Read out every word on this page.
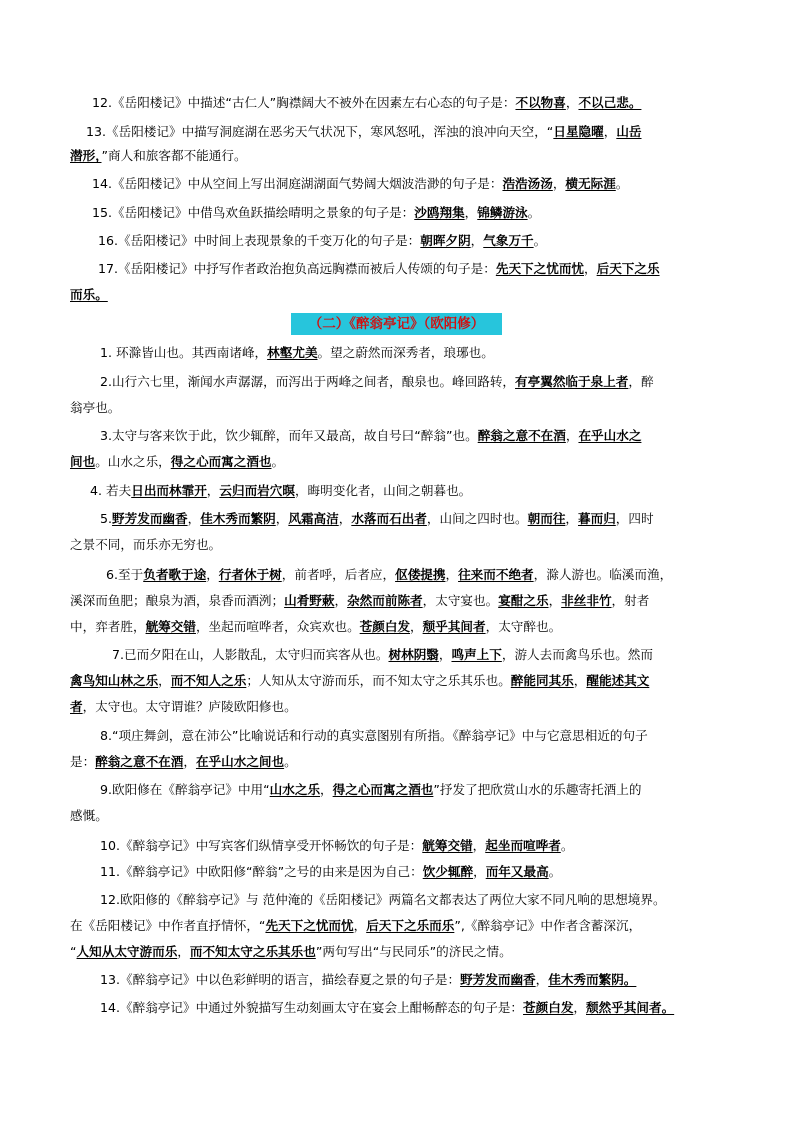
12.《岳阳楼记》中描述“古仁人”胸襟阔大不被外在因素左右心态的句子是：不以物喜，不以己悲。
13.《岳阳楼记》中描写洞庭湖在恶劣天气状况下，寒风怒吼，浑浊的浪冲向天空，“日星隐曜，山岳
潜形，”商人和旅客都不能通行。
14.《岳阳楼记》中从空间上写出洞庭湖湖面气势阔大烟波浩渺的句子是：浩浩汤汤，横无际涯。
15.《岳阳楼记》中借鸟欢鱼跃描绘晴明之景象的句子是：沙鸥翔集，锦鳞游泳。
16.《岳阳楼记》中时间上表现景象的千变万化的句子是：朝晖夕阴，气象万千。
17.《岳阳楼记》中抒写作者政治抱负高远胸襟而被后人传颂的句子是：先天下之忧而忧，后天下之乐
而乐。
（二）《醉翁亭记》（欧阳修）
1. 环滁皆山也。其西南诸峰，林壑尤美。望之蔚然而深秀者，琅琊也。
2.山行六七里，渐闻水声潺潺，而泻出于两峰之间者，酿泉也。峰回路转，有亭翼然临于泉上者，醉
翁亭也。
3.太守与客来饮于此，饮少辄醉，而年又最高，故自号曰“醉翁”也。醉翁之意不在酒，在乎山水之
间也。山水之乐，得之心而寓之酒也。
4. 若夫日出而林霏开，云归而岩穴暝，晦明变化者，山间之朝暮也。
5.野芳发而幽香，佳木秀而繁阴，风霜高洁，水落而石出者，山间之四时也。朝而往，暮而归，四时
之景不同，而乐亦无穷也。
6.至于负者歌于途，行者休于树，前者呼，后者应，伛偻提携，往来而不绝者，滁人游也。临溪而渔，
溪深而鱼肥；酿泉为酒，泉香而酒洌；山肴野蔌，杂然而前陈者，太守宴也。宴酣之乐，非丝非竹，射者
中，弈者胜，觥筹交错，坐起而喧哗者，众宾欢也。苍颜白发，颓乎其间者，太守醉也。
7.已而夕阳在山，人影散乱，太守归而宾客从也。树林阴翳，鸣声上下，游人去而禽鸟乐也。然而
禽鸟知山林之乐，而不知人之乐；人知从太守游而乐，而不知太守之乐其乐也。醉能同其乐，醒能述其文
者，太守也。太守谓谁？庐陵欧阳修也。
8.“项庄舞剑，意在沛公”比喻说话和行动的真实意图别有所指。《醉翁亭记》中与它意思相近的句子
是：醉翁之意不在酒，在乎山水之间也。
9.欧阳修在《醉翁亭记》中用“山水之乐，得之心而寓之酒也”抒发了把欣赏山水的乐趣寄托酒上的
感慨。
10.《醉翁亭记》中写宾客们纵情享受开怀畅饮的句子是：觥筹交错，起坐而喧哗者。
11.《醉翁亭记》中欧阳修“醉翁”之号的由来是因为自己：饮少辄醉，而年又最高。
12.欧阳修的《醉翁亭记》与 范仲淹的《岳阳楼记》两篇名文都表达了两位大家不同凡响的思想境界。
在《岳阳楼记》中作者直抒情怀，“先天下之忧而忧，后天下之乐而乐”,《醉翁亭记》中作者含蓄深沉，
“人知从太守游而乐，而不知太守之乐其乐也”两句写出“与民同乐”的济民之情。
13.《醉翁亭记》中以色彩鲜明的语言，描绘春夏之景的句子是：野芳发而幽香，佳木秀而繁阴。
14.《醉翁亭记》中通过外貌描写生动刻画太守在宴会上酣畅醉态的句子是：苍颜白发，颓然乎其间者。
